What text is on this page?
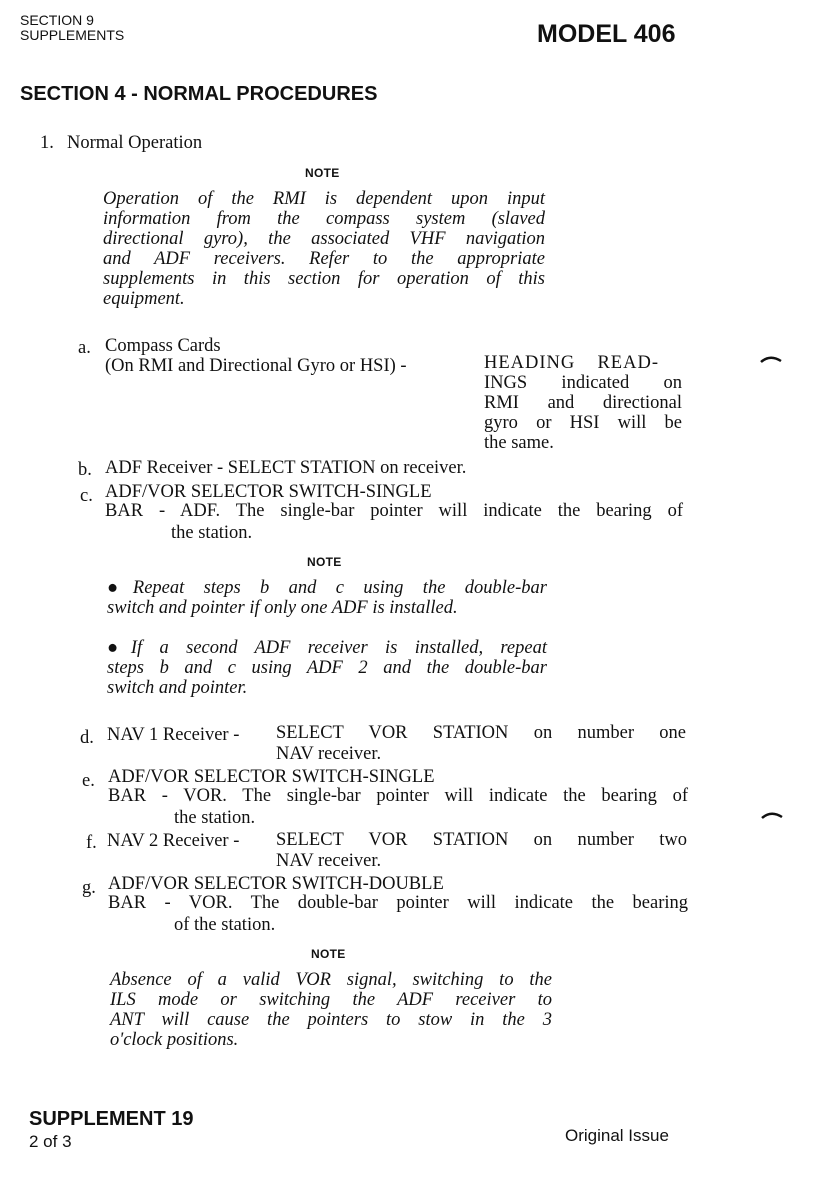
SECTION 9
SUPPLEMENTS	MODEL 406
SECTION 4 - NORMAL PROCEDURES
1. Normal Operation
NOTE
Operation of the RMI is dependent upon input
information from the compass system (slaved
directional gyro), the associated VHF navigation
and ADF receivers. Refer to the appropriate
supplements in this section for operation of this
equipment.
a. Compass Cards
(On RMI and Directional Gyro or HSI) -	HEADING READ-
INGS indicated on
RMI and directional
gyro or HSI will be
the same.
b. ADF Receiver - SELECT STATION on receiver.
c. ADF/VOR SELECTOR SWITCH-SINGLE
BAR - ADF. The single-bar pointer will indicate the bearing of
the station.
NOTE
●Repeat steps b and c using the double-bar
switch and pointer if only one ADF is installed.
●If a second ADF receiver is installed, repeat
steps b and c using ADF 2 and the double-bar
switch and pointer.
d. NAV 1 Receiver - SELECT VOR STATION on number one
NAV receiver.
e. ADF/VOR SELECTOR SWITCH-SINGLE
BAR - VOR. The single-bar pointer will indicate the bearing of
the station.
f. NAV 2 Receiver - SELECT VOR STATION on number two
NAV receiver.
g. ADF/VOR SELECTOR SWITCH-DOUBLE
BAR - VOR. The double-bar pointer will indicate the bearing
of the station.
NOTE
Absence of a valid VOR signal, switching to the
ILS mode or switching the ADF receiver to
ANT will cause the pointers to stow in the 3
o'clock positions.
SUPPLEMENT 19
2 of 3	Original Issue
